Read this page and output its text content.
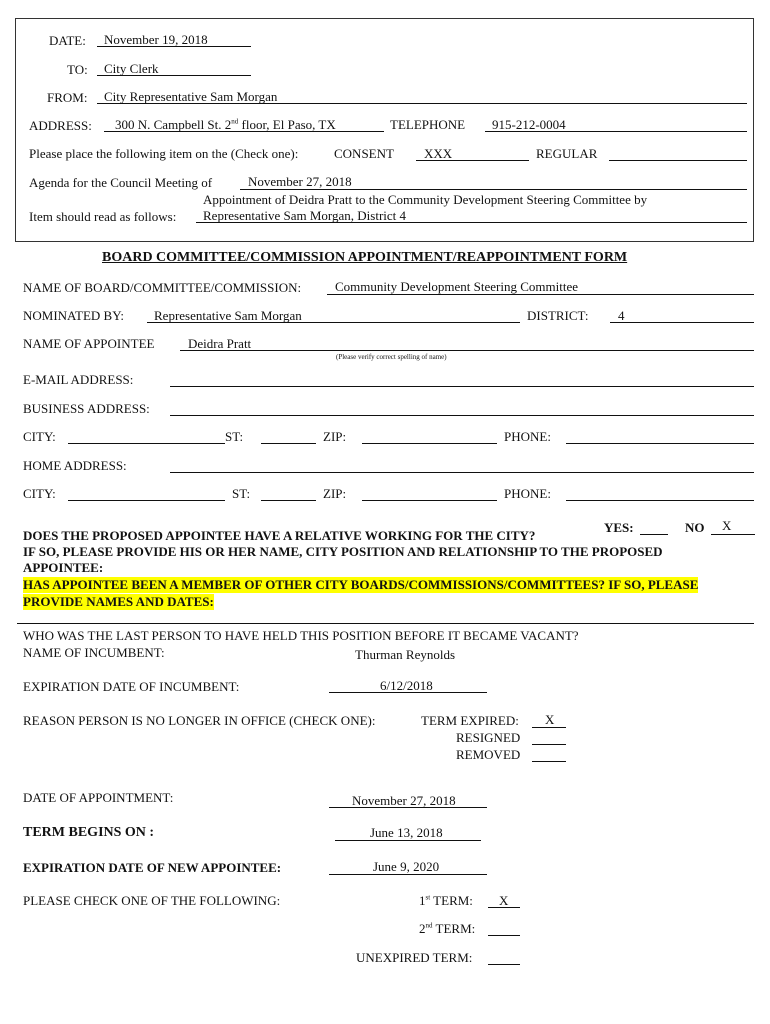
DATE: November 19, 2018
TO: City Clerk
FROM: City Representative Sam Morgan
ADDRESS: 300 N. Campbell St. 2nd floor, El Paso, TX	TELEPHONE 915-212-0004
Please place the following item on the (Check one):	CONSENT XXX	REGULAR
Agenda for the Council Meeting of	November 27, 2018
Appointment of Deidra Pratt to the Community Development Steering Committee by
Item should read as follows: Representative Sam Morgan, District 4
BOARD COMMITTEE/COMMISSION APPOINTMENT/REAPPOINTMENT FORM
NAME OF BOARD/COMMITTEE/COMMISSION:	Community Development Steering Committee
NOMINATED BY: Representative Sam Morgan	DISTRICT: 4
NAME OF APPOINTEE	Deidra Pratt
(Please verify correct spelling of name)
E-MAIL ADDRESS:
BUSINESS ADDRESS:
CITY:	ST:	ZIP:	PHONE:
HOME ADDRESS:
CITY:	ST:	ZIP:	PHONE:
DOES THE PROPOSED APPOINTEE HAVE A RELATIVE WORKING FOR THE CITY?
YES:	NO X
IF SO, PLEASE PROVIDE HIS OR HER NAME, CITY POSITION AND RELATIONSHIP TO THE PROPOSED
APPOINTEE:
HAS APPOINTEE BEEN A MEMBER OF OTHER CITY BOARDS/COMMISSIONS/COMMITTEES? IF SO, PLEASE
PROVIDE NAMES AND DATES:
WHO WAS THE LAST PERSON TO HAVE HELD THIS POSITION BEFORE IT BECAME VACANT?
NAME OF INCUMBENT:	Thurman Reynolds
EXPIRATION DATE OF INCUMBENT:	6/12/2018
REASON PERSON IS NO LONGER IN OFFICE (CHECK ONE):	TERM EXPIRED: X
RESIGNED
REMOVED
DATE OF APPOINTMENT:	November 27, 2018
TERM BEGINS ON :	June 13, 2018
EXPIRATION DATE OF NEW APPOINTEE:	June 9, 2020
PLEASE CHECK ONE OF THE FOLLOWING:	1st TERM: X
2nd TERM:
UNEXPIRED TERM:
